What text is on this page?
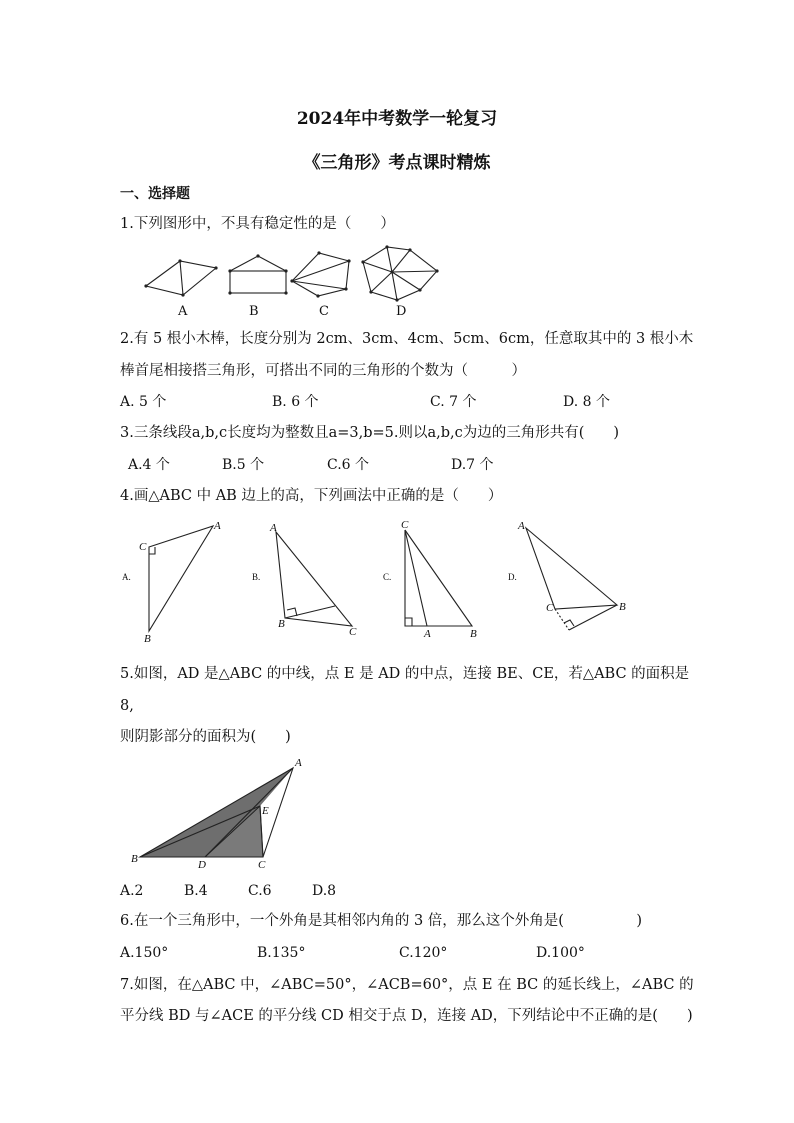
2024年中考数学一轮复习
《三角形》考点课时精炼
一、选择题
1.下列图形中，不具有稳定性的是（　　）
A	B	C	D
2.有 5 根小木棒，长度分别为 2cm、3cm、4cm、5cm、6cm，任意取其中的 3 根小木
棒首尾相接搭三角形，可搭出不同的三角形的个数为（　　　）
A. 5 个	B. 6 个	C. 7 个	D. 8 个
3.三条线段a,b,c长度均为整数且a=3,b=5.则以a,b,c为边的三角形共有(　　)
A.4 个	B.5 个	C.6 个	D.7 个
4.画△ABC 中 AB 边上的高，下列画法中正确的是（　　）
A.
C
A
B
B.
A
B
C
C.
C
A	B
D.
A
B
C
5.如图，AD 是△ABC 的中线，点 E 是 AD 的中点，连接 BE、CE，若△ABC 的面积是
8,
则阴影部分的面积为(　　)
A
B	C
D
E
A.2	B.4	C.6	D.8
6.在一个三角形中，一个外角是其相邻内角的 3 倍，那么这个外角是(　　　　　)
A.150°	B.135°	C.120°	D.100°
7.如图，在△ABC 中，∠ABC=50°，∠ACB=60°，点 E 在 BC 的延长线上，∠ABC 的
平分线 BD 与∠ACE 的平分线 CD 相交于点 D，连接 AD，下列结论中不正确的是(　　)
